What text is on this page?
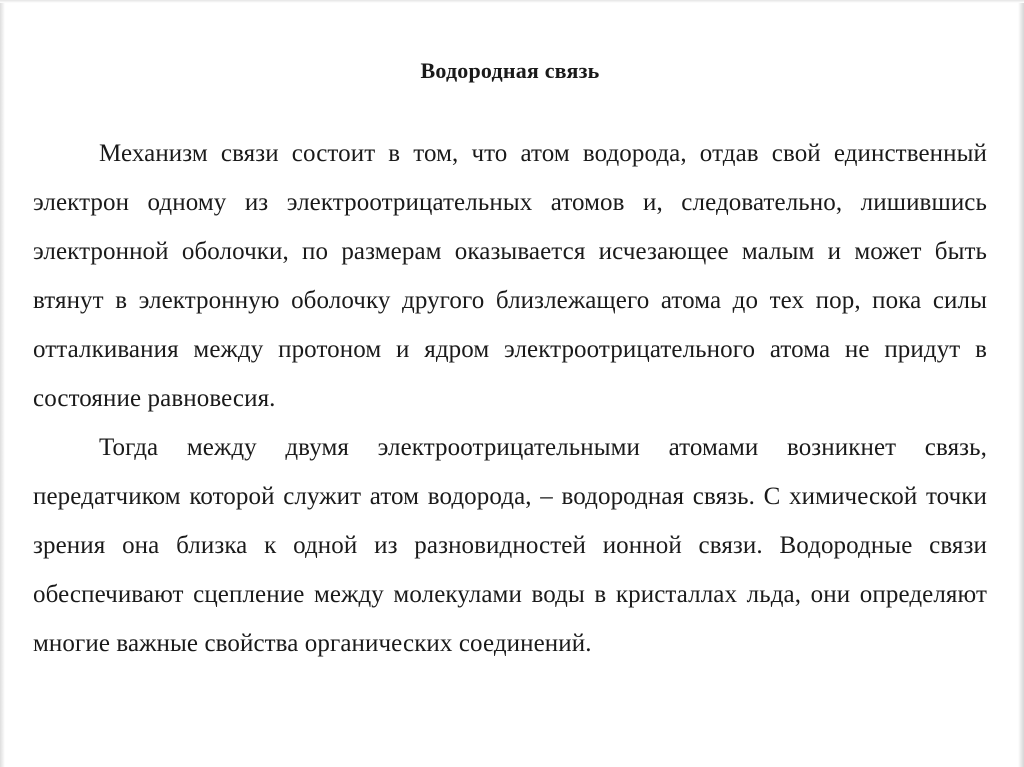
Водородная связь

Механизм связи состоит в том, что атом водорода, отдав свой единственный электрон одному из электроотрицательных атомов и, следовательно, лишившись электронной оболочки, по размерам оказывается исчезающее малым и может быть втянут в электронную оболочку другого близлежащего атома до тех пор, пока силы отталкивания между протоном и ядром электроотрицательного атома не придут в состояние равновесия.

Тогда между двумя электроотрицательными атомами возникнет связь, передатчиком которой служит атом водорода, – водородная связь. С химической точки зрения она близка к одной из разновидностей ионной связи. Водородные связи обеспечивают сцепление между молекулами воды в кристаллах льда, они определяют многие важные свойства органических соединений.
